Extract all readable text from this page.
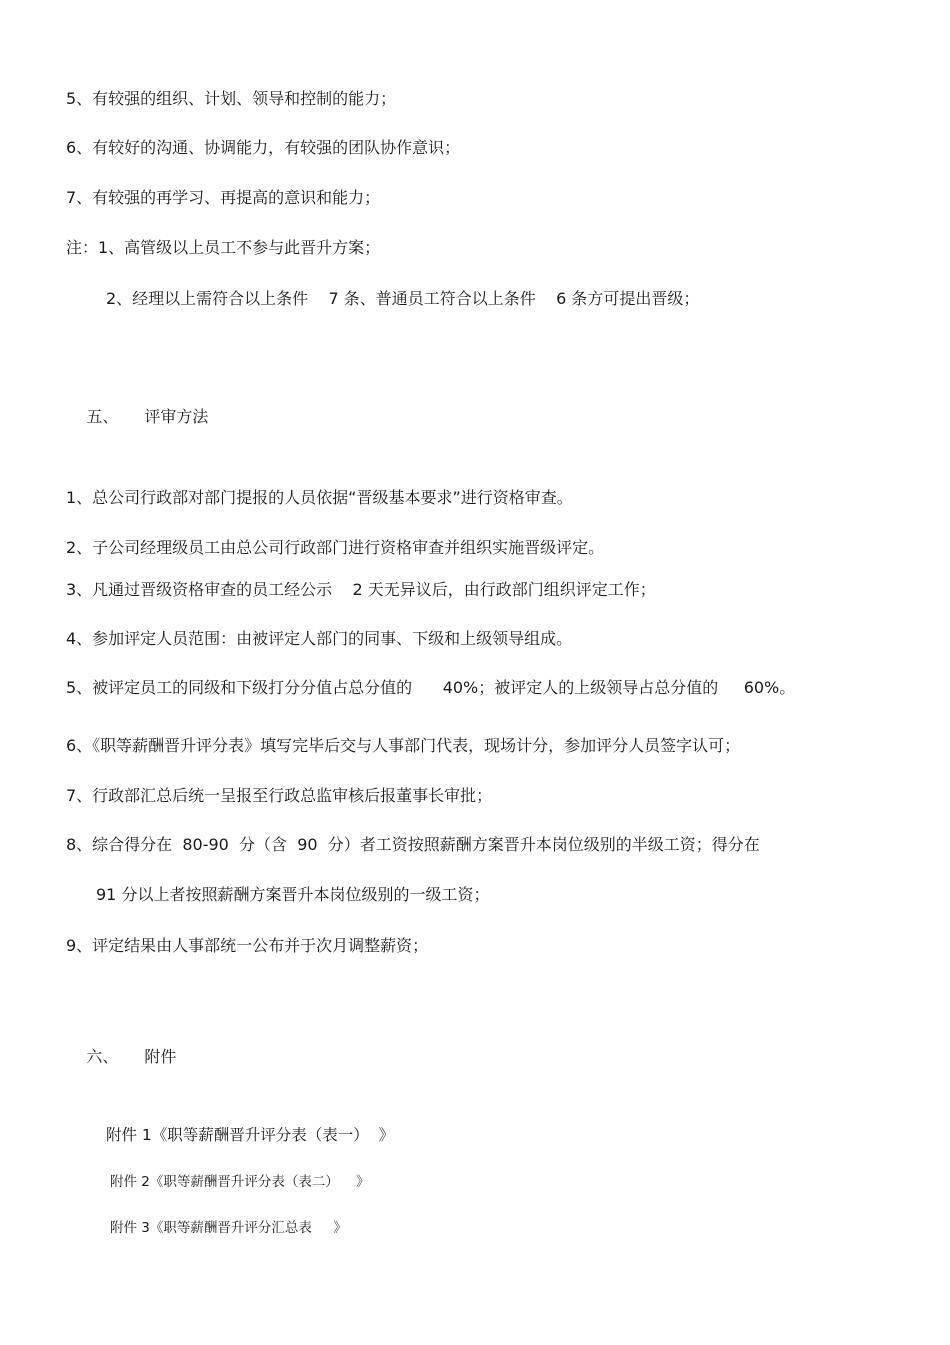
5、有较强的组织、计划、领导和控制的能力；
6、有较好的沟通、协调能力，有较强的团队协作意识；
7、有较强的再学习、再提高的意识和能力；
注：1、高管级以上员工不参与此晋升方案；
2、经理以上需符合以上条件    7 条、普通员工符合以上条件    6 条方可提出晋级；

五、 评审方法

1、总公司行政部对部门提报的人员依据“晋级基本要求”进行资格审查。
2、子公司经理级员工由总公司行政部门进行资格审查并组织实施晋级评定。
3、凡通过晋级资格审查的员工经公示    2 天无异议后，由行政部门组织评定工作；
4、参加评定人员范围：由被评定人部门的同事、下级和上级领导组成。
5、被评定员工的同级和下级打分分值占总分值的      40%；被评定人的上级领导占总分值的     60%。
6、《职等薪酬晋升评分表》填写完毕后交与人事部门代表，现场计分，参加评分人员签字认可；
7、行政部汇总后统一呈报至行政总监审核后报董事长审批；
8、综合得分在  80-90  分（含  90  分）者工资按照薪酬方案晋升本岗位级别的半级工资；得分在
91 分以上者按照薪酬方案晋升本岗位级别的一级工资；
9、评定结果由人事部统一公布并于次月调整薪资；

六、 附件

附件 1《职等薪酬晋升评分表（表一）  》
附件 2《职等薪酬晋升评分表（表二）    》
附件 3《职等薪酬晋升评分汇总表     》
